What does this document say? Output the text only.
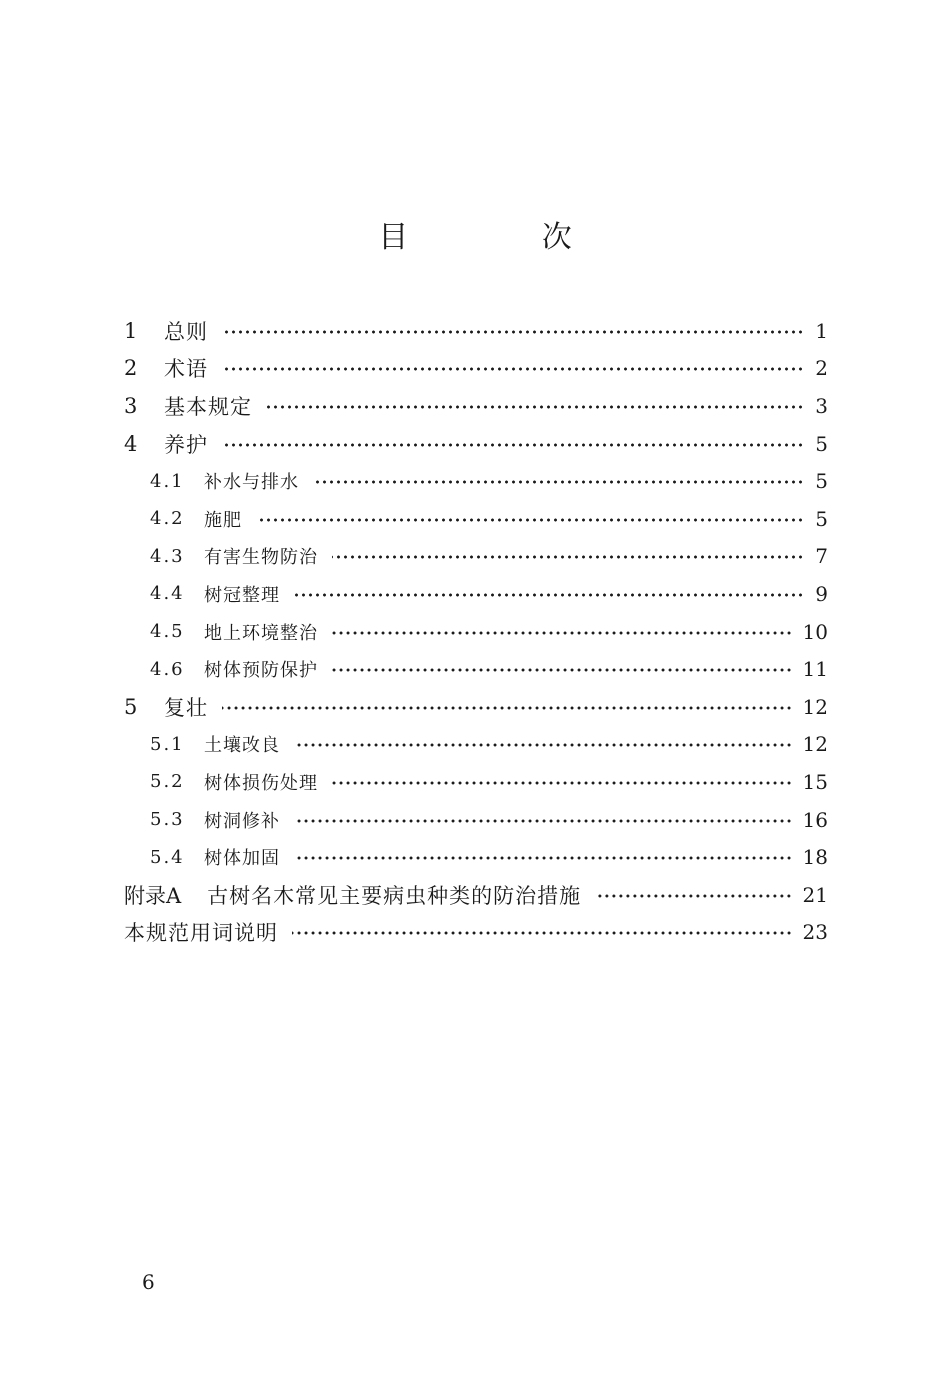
目 次
1	总则	1
2	术语	2
3	基本规定	3
4	养护	5
4.1	补水与排水	5
4.2	施肥	5
4.3	有害生物防治	7
4.4	树冠整理	9
4.5	地上环境整治	10
4.6	树体预防保护	11
5	复壮	12
5.1	土壤改良	12
5.2	树体损伤处理	15
5.3	树洞修补	16
5.4	树体加固	18
附录A 古树名木常见主要病虫种类的防治措施	21
本规范用词说明	23
6
